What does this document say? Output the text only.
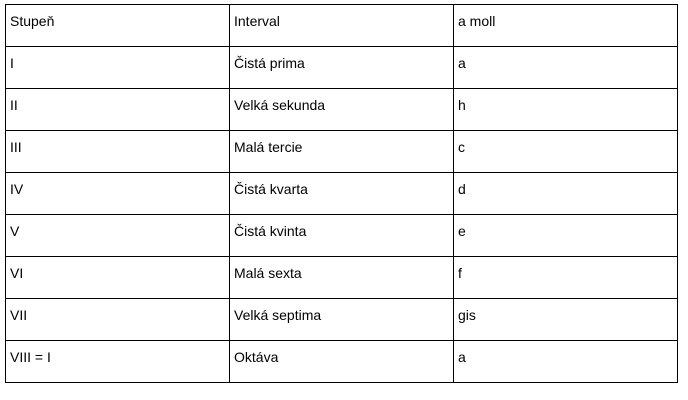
Stupeň	Interval	a moll

I	Čistá prima	a

II	Velká sekunda	h

III	Malá tercie	c

IV	Čistá kvarta	d

V	Čistá kvinta	e

VI	Malá sexta	f

VII	Velká septima	gis

VIII = I	Oktáva	a
